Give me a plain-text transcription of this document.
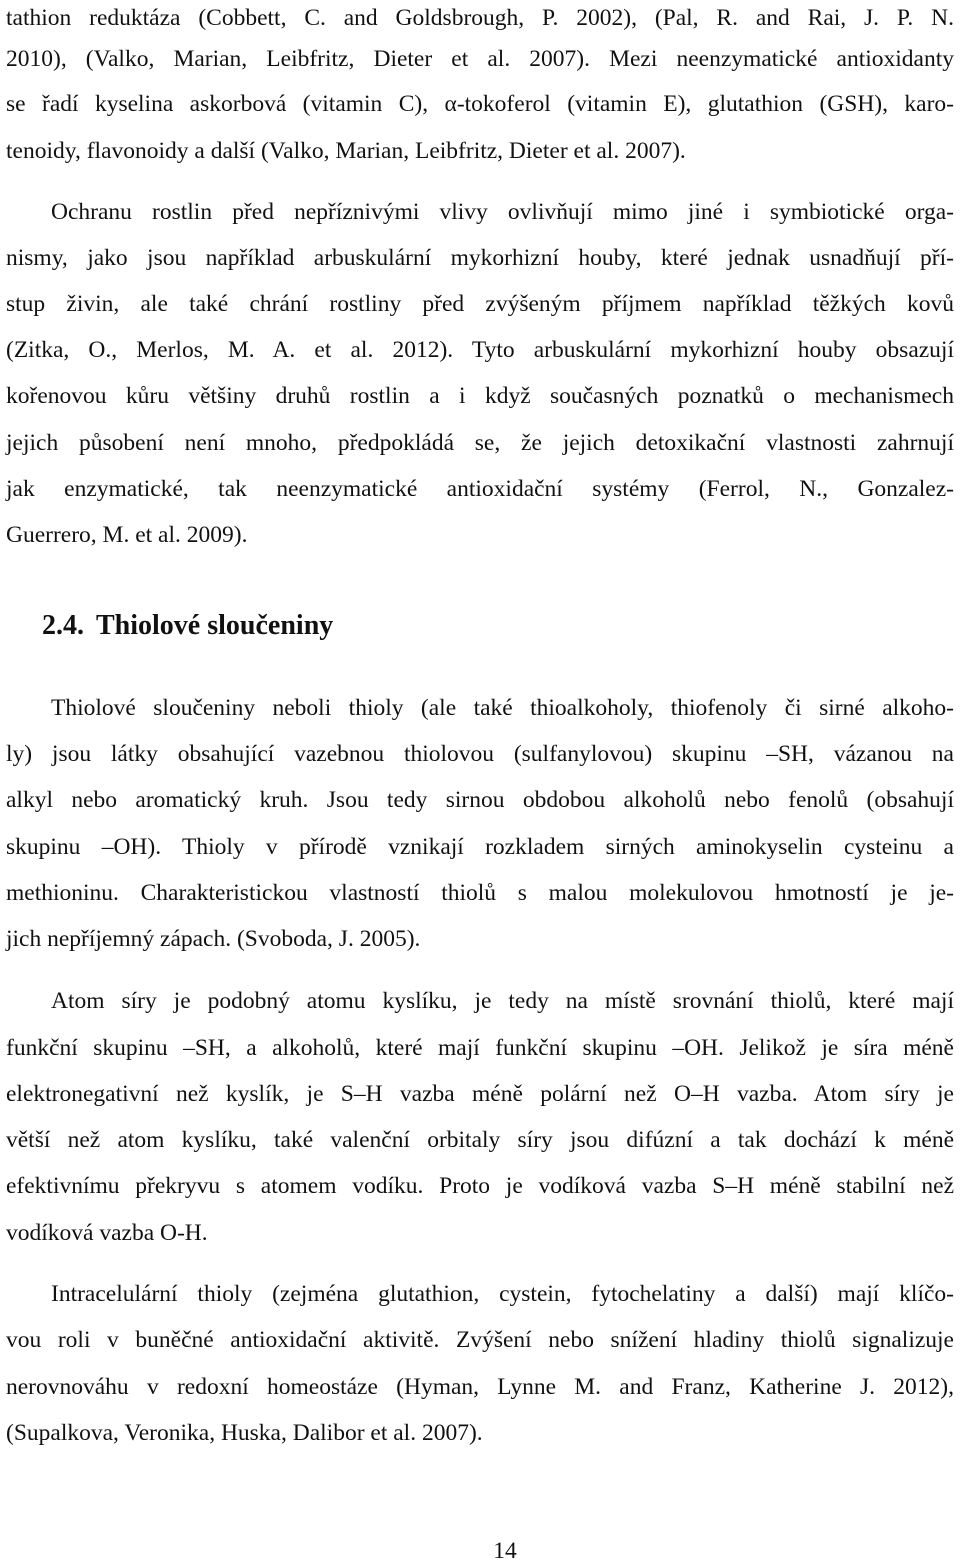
tathion reduktáza (Cobbett, C. and Goldsbrough, P. 2002), (Pal, R. and Rai, J. P. N.
2010), (Valko, Marian, Leibfritz, Dieter et al. 2007). Mezi neenzymatické antioxidanty
se řadí kyselina askorbová (vitamin C), α-tokoferol (vitamin E), glutathion (GSH), karo-
tenoidy, flavonoidy a další (Valko, Marian, Leibfritz, Dieter et al. 2007).
Ochranu rostlin před nepříznivými vlivy ovlivňují mimo jiné i symbiotické orga-
nismy, jako jsou například arbuskulární mykorhizní houby, které jednak usnadňují pří-
stup živin, ale také chrání rostliny před zvýšeným příjmem například těžkých kovů
(Zitka, O., Merlos, M. A. et al. 2012). Tyto arbuskulární mykorhizní houby obsazují
kořenovou kůru většiny druhů rostlin a i když současných poznatků o mechanismech
jejich působení není mnoho, předpokládá se, že jejich detoxikační vlastnosti zahrnují
jak enzymatické, tak neenzymatické antioxidační systémy (Ferrol, N., Gonzalez-
Guerrero, M. et al. 2009).
2.4. Thiolové sloučeniny
Thiolové sloučeniny neboli thioly (ale také thioalkoholy, thiofenoly či sirné alkoho-
ly) jsou látky obsahující vazebnou thiolovou (sulfanylovou) skupinu –SH, vázanou na
alkyl nebo aromatický kruh. Jsou tedy sirnou obdobou alkoholů nebo fenolů (obsahují
skupinu –OH). Thioly v přírodě vznikají rozkladem sirných aminokyselin cysteinu a
methioninu. Charakteristickou vlastností thiolů s malou molekulovou hmotností je je-
jich nepříjemný zápach. (Svoboda, J. 2005).
Atom síry je podobný atomu kyslíku, je tedy na místě srovnání thiolů, které mají
funkční skupinu –SH, a alkoholů, které mají funkční skupinu –OH. Jelikož je síra méně
elektronegativní než kyslík, je S–H vazba méně polární než O–H vazba. Atom síry je
větší než atom kyslíku, také valenční orbitaly síry jsou difúzní a tak dochází k méně
efektivnímu překryvu s atomem vodíku. Proto je vodíková vazba S–H méně stabilní než
vodíková vazba O-H.
Intracelulární thioly (zejména glutathion, cystein, fytochelatiny a další) mají klíčo-
vou roli v buněčné antioxidační aktivitě. Zvýšení nebo snížení hladiny thiolů signalizuje
nerovnováhu v redoxní homeostáze (Hyman, Lynne M. and Franz, Katherine J. 2012),
(Supalkova, Veronika, Huska, Dalibor et al. 2007).
14
